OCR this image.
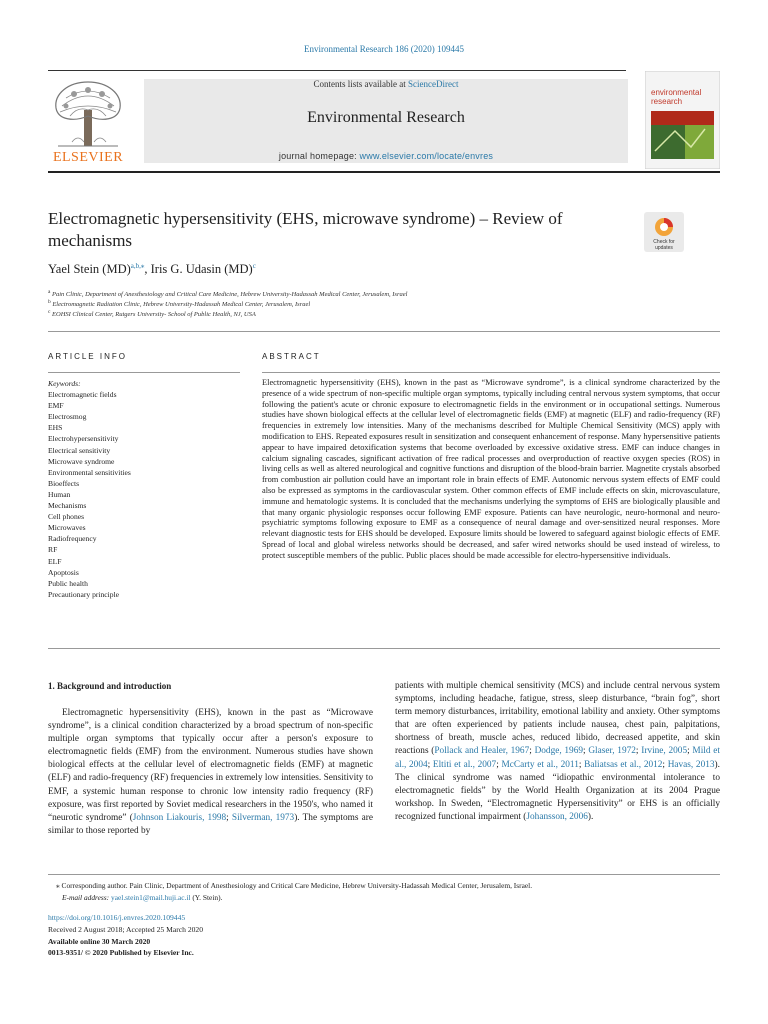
Environmental Research 186 (2020) 109445
ELSEVIER
Contents lists available at ScienceDirect
Environmental Research
journal homepage: www.elsevier.com/locate/envres
environmental
research
Electromagnetic hypersensitivity (EHS, microwave syndrome) – Review of mechanisms	Check for
updates
Yael Stein (MD)$^{a,b,⁎}$, Iris G. Udasin (MD)$^c$
$^a$ Pain Clinic, Department of Anesthesiology and Critical Care Medicine, Hebrew University-Hadassah Medical Center, Jerusalem, Israel
$^b$ Electromagnetic Radiation Clinic, Hebrew University-Hadassah Medical Center, Jerusalem, Israel
$^c$ EOHSI Clinical Center, Rutgers University- School of Public Health, NJ, USA
ARTICLE INFO	ABSTRACT
Keywords:
Electromagnetic fields
EMF
Electrosmog
EHS
Electrohypersensitivity
Electrical sensitivity
Microwave syndrome
Environmental sensitivities
Bioeffects
Human
Mechanisms
Cell phones
Microwaves
Radiofrequency
RF
ELF
Apoptosis
Public health
Precautionary principle
Electromagnetic hypersensitivity (EHS), known in the past as “Microwave syndrome”, is a clinical syndrome characterized by the presence of a wide spectrum of non-specific multiple organ symptoms, typically including central nervous system symptoms, that occur following the patient's acute or chronic exposure to electromagnetic fields in the environment or in occupational settings. Numerous studies have shown biological effects at the cellular level of electromagnetic fields (EMF) at magnetic (ELF) and radio-frequency (RF) frequencies in extremely low intensities. Many of the mechanisms described for Multiple Chemical Sensitivity (MCS) apply with modification to EHS. Repeated exposures result in sensitization and consequent enhancement of response. Many hypersensitive patients appear to have impaired detoxification systems that become overloaded by excessive oxidative stress. EMF can induce changes in calcium signaling cascades, significant activation of free radical processes and overproduction of reactive oxygen species (ROS) in living cells as well as altered neurological and cognitive functions and disruption of the blood-brain barrier. Magnetite crystals absorbed from combustion air pollution could have an important role in brain effects of EMF. Autonomic nervous system effects of EMF could also be expressed as symptoms in the cardiovascular system. Other common effects of EMF include effects on skin, microvasculature, immune and hematologic systems. It is concluded that the mechanisms underlying the symptoms of EHS are biologically plausible and that many organic physiologic responses occur following EMF exposure. Patients can have neurologic, neuro-hormonal and neuro-psychiatric symptoms following exposure to EMF as a consequence of neural damage and over-sensitized neural responses. More relevant diagnostic tests for EHS should be developed. Exposure limits should be lowered to safeguard against biologic effects of EMF. Spread of local and global wireless networks should be decreased, and safer wired networks should be used instead of wireless, to protect susceptible members of the public. Public places should be made accessible for electro-hypersensitive individuals.
1. Background and introduction

Electromagnetic hypersensitivity (EHS), known in the past as “Microwave syndrome”, is a clinical condition characterized by a broad spectrum of non-specific multiple organ symptoms that typically occur after a person's exposure to electromagnetic fields (EMF) from the environment. Numerous studies have shown biological effects at the cellular level of electromagnetic fields (EMF) at magnetic (ELF) and radio-frequency (RF) frequencies in extremely low intensities. Sensitivity to EMF, a systemic human response to chronic low intensity radio frequency (RF) exposure, was first reported by Soviet medical researchers in the 1950's, who named it “neurotic syndrome” (Johnson Liakouris, 1998; Silverman, 1973). The symptoms are similar to those reported by

patients with multiple chemical sensitivity (MCS) and include central nervous system symptoms, including headache, fatigue, stress, sleep disturbance, “brain fog”, short term memory disturbances, irritability, emotional lability and anxiety. Other symptoms that are often experienced by patients include nausea, chest pain, palpitations, shortness of breath, muscle aches, reduced libido, decreased appetite, and skin reactions (Pollack and Healer, 1967; Dodge, 1969; Glaser, 1972; Irvine, 2005; Mild et al., 2004; Eltiti et al., 2007; McCarty et al., 2011; Baliatsas et al., 2012; Havas, 2013). The clinical syndrome was named “idiopathic environmental intolerance to electromagnetic fields” by the World Health Organization at its 2004 Prague workshop. In Sweden, “Electromagnetic Hypersensitivity” or EHS is an officially recognized functional impairment (Johansson, 2006).

⁎ Corresponding author. Pain Clinic, Department of Anesthesiology and Critical Care Medicine, Hebrew University-Hadassah Medical Center, Jerusalem, Israel.
E-mail address: yael.stein1@mail.huji.ac.il (Y. Stein).
https://doi.org/10.1016/j.envres.2020.109445
Received 2 August 2018; Accepted 25 March 2020
Available online 30 March 2020
0013-9351/ © 2020 Published by Elsevier Inc.
